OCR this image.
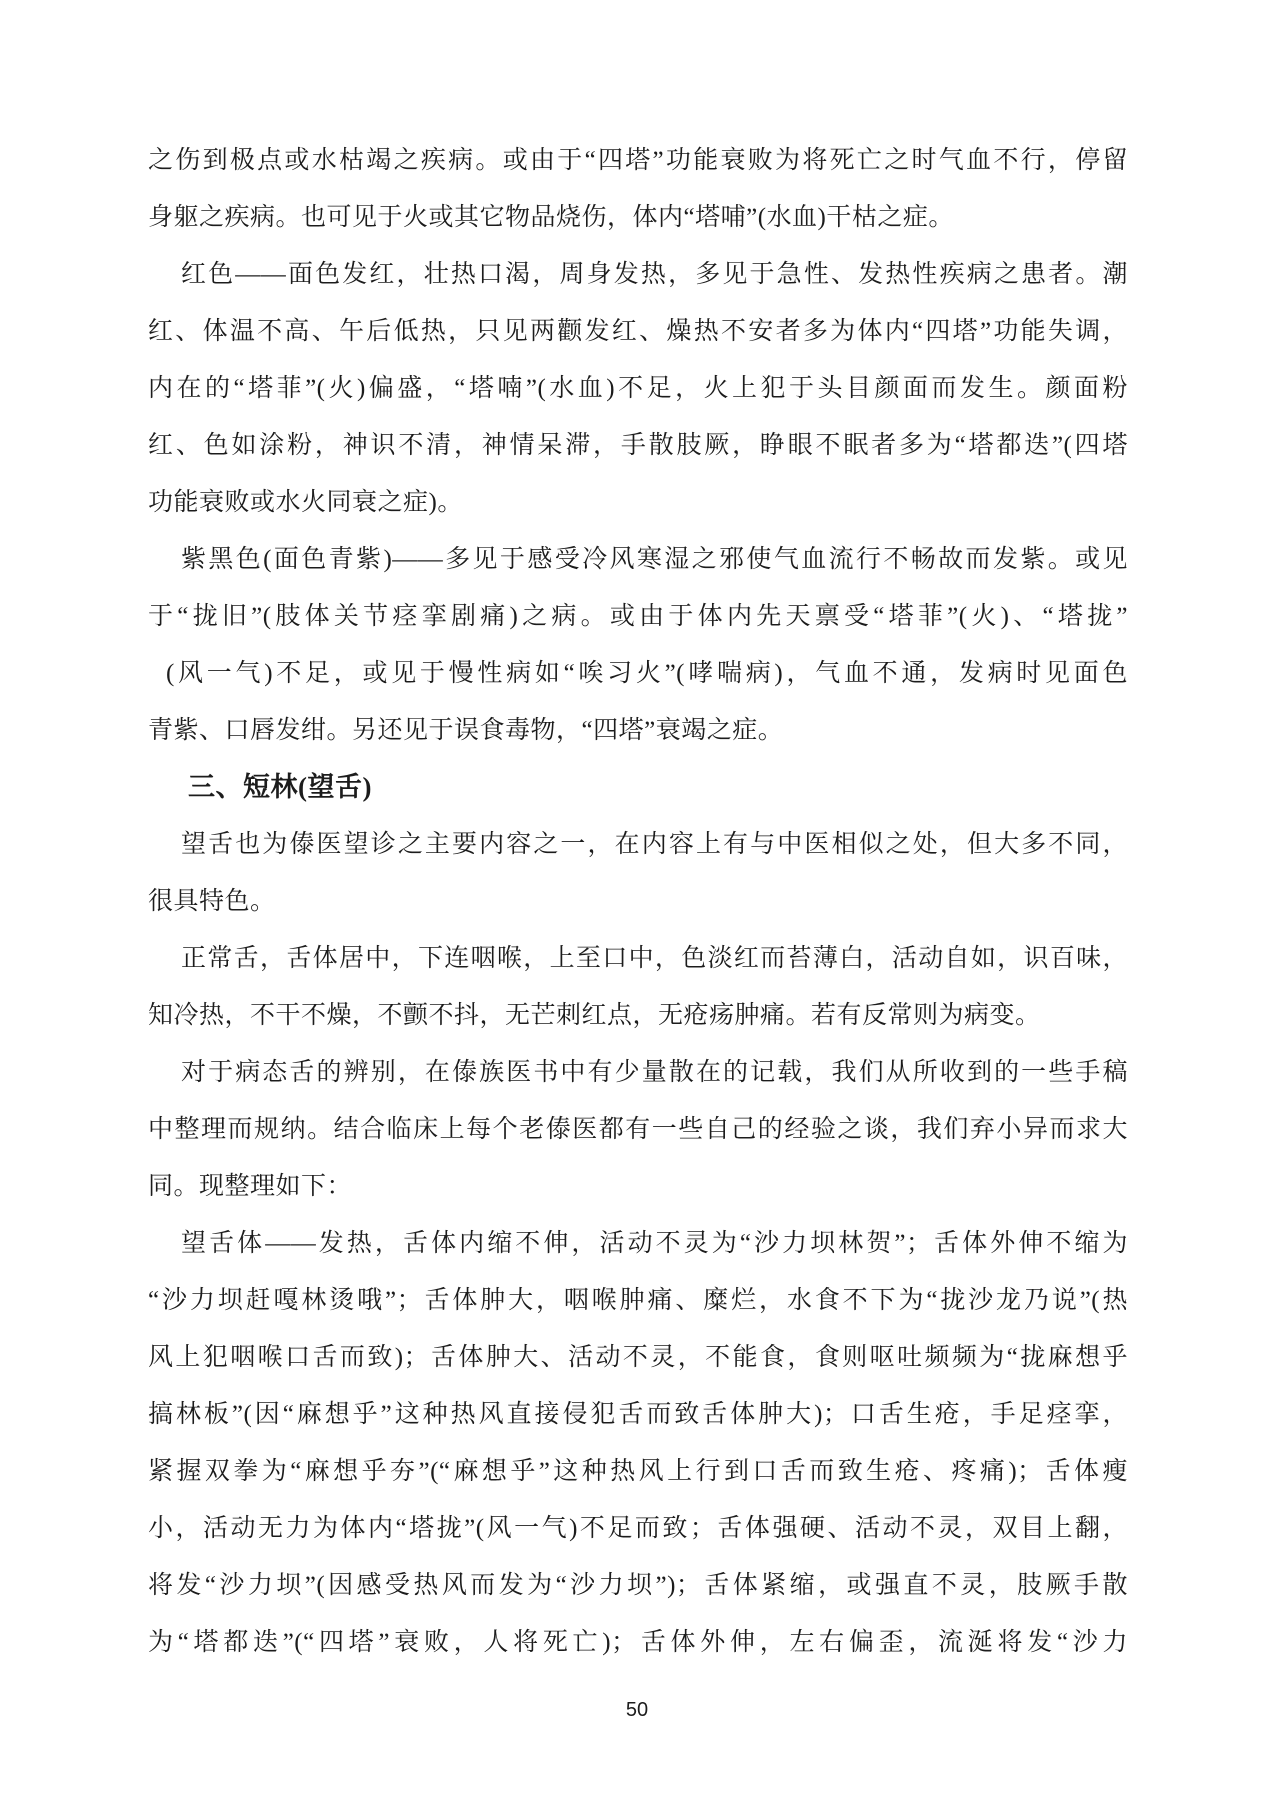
之伤到极点或水枯竭之疾病。或由于“四塔”功能衰败为将死亡之时气血不行，停留
身躯之疾病。也可见于火或其它物品烧伤，体内“塔哺”(水血)干枯之症。
红色——面色发红，壮热口渴，周身发热，多见于急性、发热性疾病之患者。潮
红、体温不高、午后低热，只见两颧发红、燥热不安者多为体内“四塔”功能失调，
内在的“塔菲”(火)偏盛，“塔喃”(水血)不足，火上犯于头目颜面而发生。颜面粉
红、色如涂粉，神识不清，神情呆滞，手散肢厥，睁眼不眠者多为“塔都迭”(四塔
功能衰败或水火同衰之症)。
紫黑色(面色青紫)——多见于感受冷风寒湿之邪使气血流行不畅故而发紫。或见
于“拢旧”(肢体关节痉挛剧痛)之病。或由于体内先天禀受“塔菲”(火)、“塔拢”
(风一气)不足，或见于慢性病如“唉习火”(哮喘病)，气血不通，发病时见面色
青紫、口唇发绀。另还见于误食毒物，“四塔”衰竭之症。
三、短林(望舌)
望舌也为傣医望诊之主要内容之一，在内容上有与中医相似之处，但大多不同，
很具特色。
正常舌，舌体居中，下连咽喉，上至口中，色淡红而苔薄白，活动自如，识百味，
知冷热，不干不燥，不颤不抖，无芒刺红点，无疮疡肿痛。若有反常则为病变。
对于病态舌的辨别，在傣族医书中有少量散在的记载，我们从所收到的一些手稿
中整理而规纳。结合临床上每个老傣医都有一些自己的经验之谈，我们弃小异而求大
同。现整理如下：
望舌体——发热，舌体内缩不伸，活动不灵为“沙力坝林贺”；舌体外伸不缩为
“沙力坝赶嘎林烫哦”；舌体肿大，咽喉肿痛、糜烂，水食不下为“拢沙龙乃说”(热
风上犯咽喉口舌而致)；舌体肿大、活动不灵，不能食，食则呕吐频频为“拢麻想乎
搞林板”(因“麻想乎”这种热风直接侵犯舌而致舌体肿大)；口舌生疮，手足痉挛，
紧握双拳为“麻想乎夯”(“麻想乎”这种热风上行到口舌而致生疮、疼痛)；舌体瘦
小，活动无力为体内“塔拢”(风一气)不足而致；舌体强硬、活动不灵，双目上翻，
将发“沙力坝”(因感受热风而发为“沙力坝”)；舌体紧缩，或强直不灵，肢厥手散
为“塔都迭”(“四塔”衰败，人将死亡)；舌体外伸，左右偏歪，流涎将发“沙力
50
